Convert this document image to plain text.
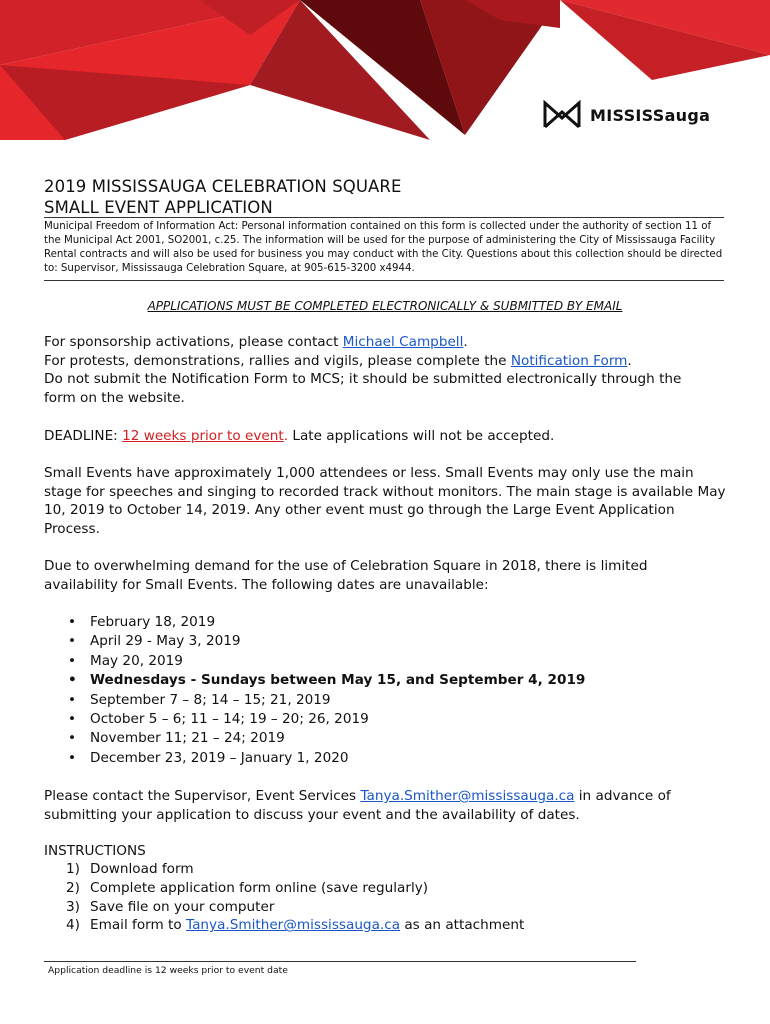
MISSISSauga
2019 MISSISSAUGA CELEBRATION SQUARE
SMALL EVENT APPLICATION
Municipal Freedom of Information Act: Personal information contained on this form is collected under the authority of section 11 of the Municipal Act 2001, SO2001, c.25. The information will be used for the purpose of administering the City of Mississauga Facility Rental contracts and will also be used for business you may conduct with the City. Questions about this collection should be directed to: Supervisor, Mississauga Celebration Square, at 905-615-3200 x4944.
APPLICATIONS MUST BE COMPLETED ELECTRONICALLY & SUBMITTED BY EMAIL
For sponsorship activations, please contact Michael Campbell.
For protests, demonstrations, rallies and vigils, please complete the Notification Form.
Do not submit the Notification Form to MCS; it should be submitted electronically through the form on the website.
DEADLINE: 12 weeks prior to event. Late applications will not be accepted.
Small Events have approximately 1,000 attendees or less. Small Events may only use the main stage for speeches and singing to recorded track without monitors. The main stage is available May 10, 2019 to October 14, 2019. Any other event must go through the Large Event Application Process.
Due to overwhelming demand for the use of Celebration Square in 2018, there is limited availability for Small Events. The following dates are unavailable:
• February 18, 2019
• April 29 - May 3, 2019
• May 20, 2019
• Wednesdays - Sundays between May 15, and September 4, 2019
• September 7 – 8; 14 – 15; 21, 2019
• October 5 – 6; 11 – 14; 19 – 20; 26, 2019
• November 11; 21 – 24; 2019
• December 23, 2019 – January 1, 2020
Please contact the Supervisor, Event Services Tanya.Smither@mississauga.ca in advance of submitting your application to discuss your event and the availability of dates.
INSTRUCTIONS
1) Download form
2) Complete application form online (save regularly)
3) Save file on your computer
4) Email form to Tanya.Smither@mississauga.ca as an attachment
Application deadline is 12 weeks prior to event date
